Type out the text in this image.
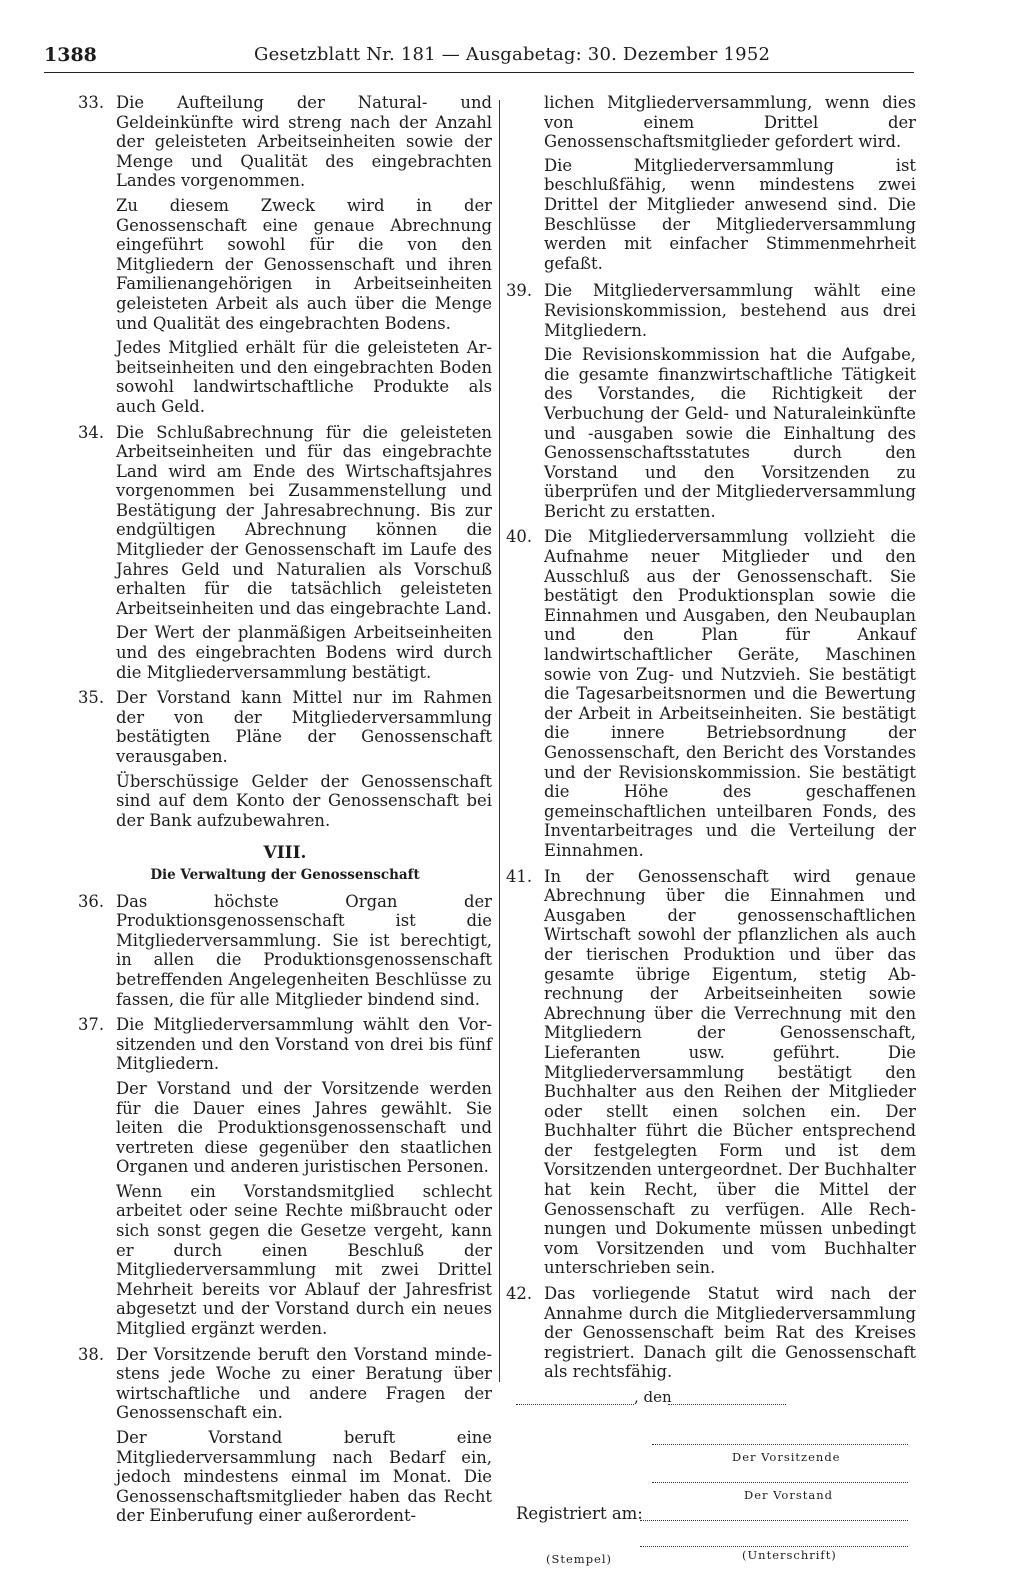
1388	Gesetzblatt Nr. 181 — Ausgabetag: 30. Dezember 1952
33. Die Aufteilung der Natural- und Geldeinkünfte wird streng nach der Anzahl der geleisteten Arbeitseinheiten sowie der Menge und Qualität des eingebrachten Landes vorgenommen.

Zu diesem Zweck wird in der Genossenschaft eine genaue Abrechnung eingeführt sowohl für die von den Mitgliedern der Genossenschaft und ihren Familienangehörigen in Arbeitseinheiten geleisteten Arbeit als auch über die Menge und Qualität des eingebrachten Bodens.

Jedes Mitglied erhält für die geleisteten Arbeitseinheiten und den eingebrachten Boden sowohl landwirtschaftliche Produkte als auch Geld.

34. Die Schlußabrechnung für die geleisteten Arbeitseinheiten und für das eingebrachte Land wird am Ende des Wirtschaftsjahres vorgenommen bei Zusammenstellung und Bestätigung der Jahresabrechnung. Bis zur endgültigen Abrechnung können die Mitglieder der Genossenschaft im Laufe des Jahres Geld und Naturalien als Vorschuß erhalten für die tatsächlich geleisteten Arbeitseinheiten und das eingebrachte Land.

Der Wert der planmäßigen Arbeitseinheiten und des eingebrachten Bodens wird durch die Mitgliederversammlung bestätigt.

35. Der Vorstand kann Mittel nur im Rahmen der von der Mitgliederversammlung bestätigten Pläne der Genossenschaft verausgaben.

Überschüssige Gelder der Genossenschaft sind auf dem Konto der Genossenschaft bei der Bank aufzubewahren.

VIII.
Die Verwaltung der Genossenschaft
36. Das höchste Organ der Produktionsgenossenschaft ist die Mitgliederversammlung. Sie ist berechtigt, in allen die Produktionsgenossenschaft betreffenden Angelegenheiten Beschlüsse zu fassen, die für alle Mitglieder bindend sind.

37. Die Mitgliederversammlung wählt den Vorsitzenden und den Vorstand von drei bis fünf Mitgliedern.

Der Vorstand und der Vorsitzende werden für die Dauer eines Jahres gewählt. Sie leiten die Produktionsgenossenschaft und vertreten diese gegenüber den staatlichen Organen und anderen juristischen Personen.

Wenn ein Vorstandsmitglied schlecht arbeitet oder seine Rechte mißbraucht oder sich sonst gegen die Gesetze vergeht, kann er durch einen Beschluß der Mitgliederversammlung mit zwei Drittel Mehrheit bereits vor Ablauf der Jahresfrist abgesetzt und der Vorstand durch ein neues Mitglied ergänzt werden.

38. Der Vorsitzende beruft den Vorstand mindestens jede Woche zu einer Beratung über wirtschaftliche und andere Fragen der Genossenschaft ein.

Der Vorstand beruft eine Mitgliederversammlung nach Bedarf ein, jedoch mindestens einmal im Monat. Die Genossenschaftsmitglieder haben das Recht der Einberufung einer außerordent-

lichen Mitgliederversammlung, wenn dies von einem Drittel der Genossenschaftsmitglieder gefordert wird.

Die Mitgliederversammlung ist beschlußfähig, wenn mindestens zwei Drittel der Mitglieder anwesend sind. Die Beschlüsse der Mitgliederversammlung werden mit einfacher Stimmenmehrheit gefaßt.

39. Die Mitgliederversammlung wählt eine Revisionskommission, bestehend aus drei Mitgliedern.

Die Revisionskommission hat die Aufgabe, die gesamte finanzwirtschaftliche Tätigkeit des Vorstandes, die Richtigkeit der Verbuchung der Geld- und Naturaleinkünfte und -ausgaben sowie die Einhaltung des Genossenschaftsstatutes durch den Vorstand und den Vorsitzenden zu überprüfen und der Mitgliederversammlung Bericht zu erstatten.

40. Die Mitgliederversammlung vollzieht die Aufnahme neuer Mitglieder und den Ausschluß aus der Genossenschaft. Sie bestätigt den Produktionsplan sowie die Einnahmen und Ausgaben, den Neubauplan und den Plan für Ankauf landwirtschaftlicher Geräte, Maschinen sowie von Zug- und Nutzvieh. Sie bestätigt die Tagesarbeitsnormen und die Bewertung der Arbeit in Arbeitseinheiten. Sie bestätigt die innere Betriebsordnung der Genossenschaft, den Bericht des Vorstandes und der Revisionskommission. Sie bestätigt die Höhe des geschaffenen gemeinschaftlichen unteilbaren Fonds, des Inventarbeitrages und die Verteilung der Einnahmen.

41. In der Genossenschaft wird genaue Abrechnung über die Einnahmen und Ausgaben der genossenschaftlichen Wirtschaft sowohl der pflanzlichen als auch der tierischen Produktion und über das gesamte übrige Eigentum, stetig Abrechnung der Arbeitseinheiten sowie Abrechnung über die Verrechnung mit den Mitgliedern der Genossenschaft, Lieferanten usw. geführt. Die Mitgliederversammlung bestätigt den Buchhalter aus den Reihen der Mitglieder oder stellt einen solchen ein. Der Buchhalter führt die Bücher entsprechend der festgelegten Form und ist dem Vorsitzenden untergeordnet. Der Buchhalter hat kein Recht, über die Mittel der Genossenschaft zu verfügen. Alle Rechnungen und Dokumente müssen unbedingt vom Vorsitzenden und vom Buchhalter unterschrieben sein.

42. Das vorliegende Statut wird nach der Annahme durch die Mitgliederversammlung der Genossenschaft beim Rat des Kreises registriert. Danach gilt die Genossenschaft als rechtsfähig.

, den
Der Vorsitzende
Der Vorstand
Registriert am:
(Stempel)	(Unterschrift)
